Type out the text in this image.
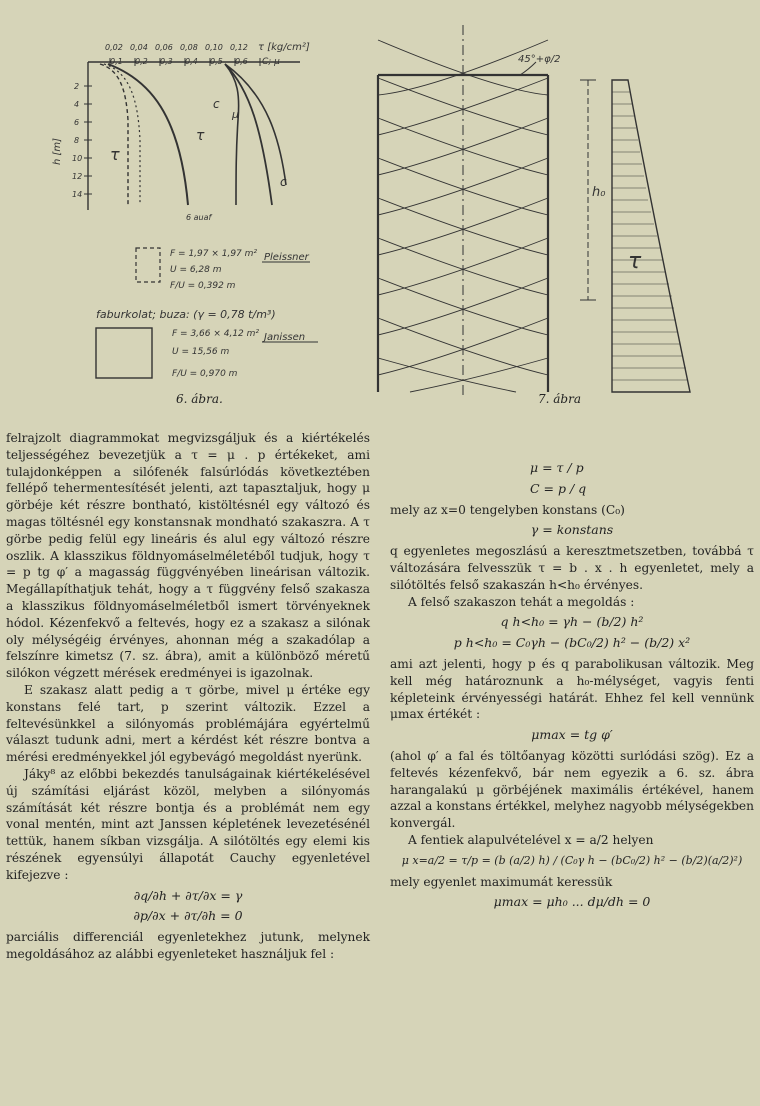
0,02 0,04 0,06 0,08 0,10 0,12 τ [kg/cm²]
0,1 0,2 0,3 0,4 0,5 0,6 C; μ
2
4
6
8
10
12
14
h [m]	τ
τ
c
μ
c
6 auaf
F = 1,97 × 1,97 m² Pleissner
U = 6,28 m
F/U = 0,392 m
faburkolat; buza: (γ = 0,78 t/m³)
F = 3,66 × 4,12 m² Janissen
U = 15,56 m
F/U = 0,970 m
45°+φ/2
h₀
τ
6. ábra.	7. ábra

felrajzolt diagrammokat megvizsgáljuk és a kiértékelés teljességéhez bevezetjük a τ = μ . p értékeket, ami tulajdonképpen a silófenék falsúrlódás következtében fellépő tehermentesítését jelenti, azt tapasztaljuk, hogy μ görbéje két részre bontható, kistöltésnél egy változó és magas töltésnél egy konstansnak mondható szakaszra. A τ görbe pedig felül egy lineáris és alul egy változó részre oszlik. A klasszikus földnyomáselméletéből tudjuk, hogy τ = p tg φ′ a magasság függvényében lineárisan változik. Megállapíthatjuk tehát, hogy a τ függvény felső szakasza a klasszikus földnyomáselméletből ismert törvényeknek hódol. Kézenfekvő a feltevés, hogy ez a szakasz a silónak oly mélységéig érvényes, ahonnan még a szakadólap a felszínre kimetsz (7. sz. ábra), amit a különböző méretű silókon végzett mérések eredményei is igazolnak.

E szakasz alatt pedig a τ görbe, mivel μ értéke egy konstans felé tart, p szerint változik. Ezzel a feltevésünkkel a silónyomás problémájára egyértelmű választ tudunk adni, mert a kérdést két részre bontva a mérési eredményekkel jól egybevágó megoldást nyerünk.

Jáky⁸ az előbbi bekezdés tanulságainak kiértékelésével új számítási eljárást közöl, melyben a silónyomás számítását két részre bontja és a problémát nem egy vonal mentén, mint azt Janssen képletének levezetésénél tettük, hanem síkban vizsgálja. A silótöltés egy elemi kis részének egyensúlyi állapotát Cauchy egyenletével kifejezve :

∂q/∂h + ∂τ/∂x = γ
∂p/∂x + ∂τ/∂h = 0

parciális differenciál egyenletekhez jutunk, melynek megoldásához az alábbi egyenleteket használjuk fel :

μ = τ / p
C = p / q

mely az x=0 tengelyben konstans (C₀)

γ = konstans

q egyenletes megoszlású a keresztmetszetben, továbbá τ változására felvesszük τ = b . x . h egyenletet, mely a silótöltés felső szakaszán h<h₀ érvényes.

A felső szakaszon tehát a megoldás :

q h<h₀ = γh − (b/2) h²
p h<h₀ = C₀γh − (bC₀/2) h² − (b/2) x²

ami azt jelenti, hogy p és q parabolikusan változik. Meg kell még határoznunk a h₀-mélységet, vagyis fenti képleteink érvényességi határát. Ehhez fel kell vennünk μmax értékét :

μmax = tg φ′

(ahol φ′ a fal és töltőanyag közötti surlódási szög). Ez a feltevés kézenfekvő, bár nem egyezik a 6. sz. ábra harangalakú μ görbéjének maximális értékével, hanem azzal a konstans értékkel, melyhez nagyobb mélységekben konvergál.

A fentiek alapulvételével x = a/2 helyen

μ x=a/2 = τ/p = (b (a/2) h) / (C₀γ h − (bC₀/2) h² − (b/2)(a/2)²)

mely egyenlet maximumát keressük

μmax = μh₀ ... dμ/dh = 0
